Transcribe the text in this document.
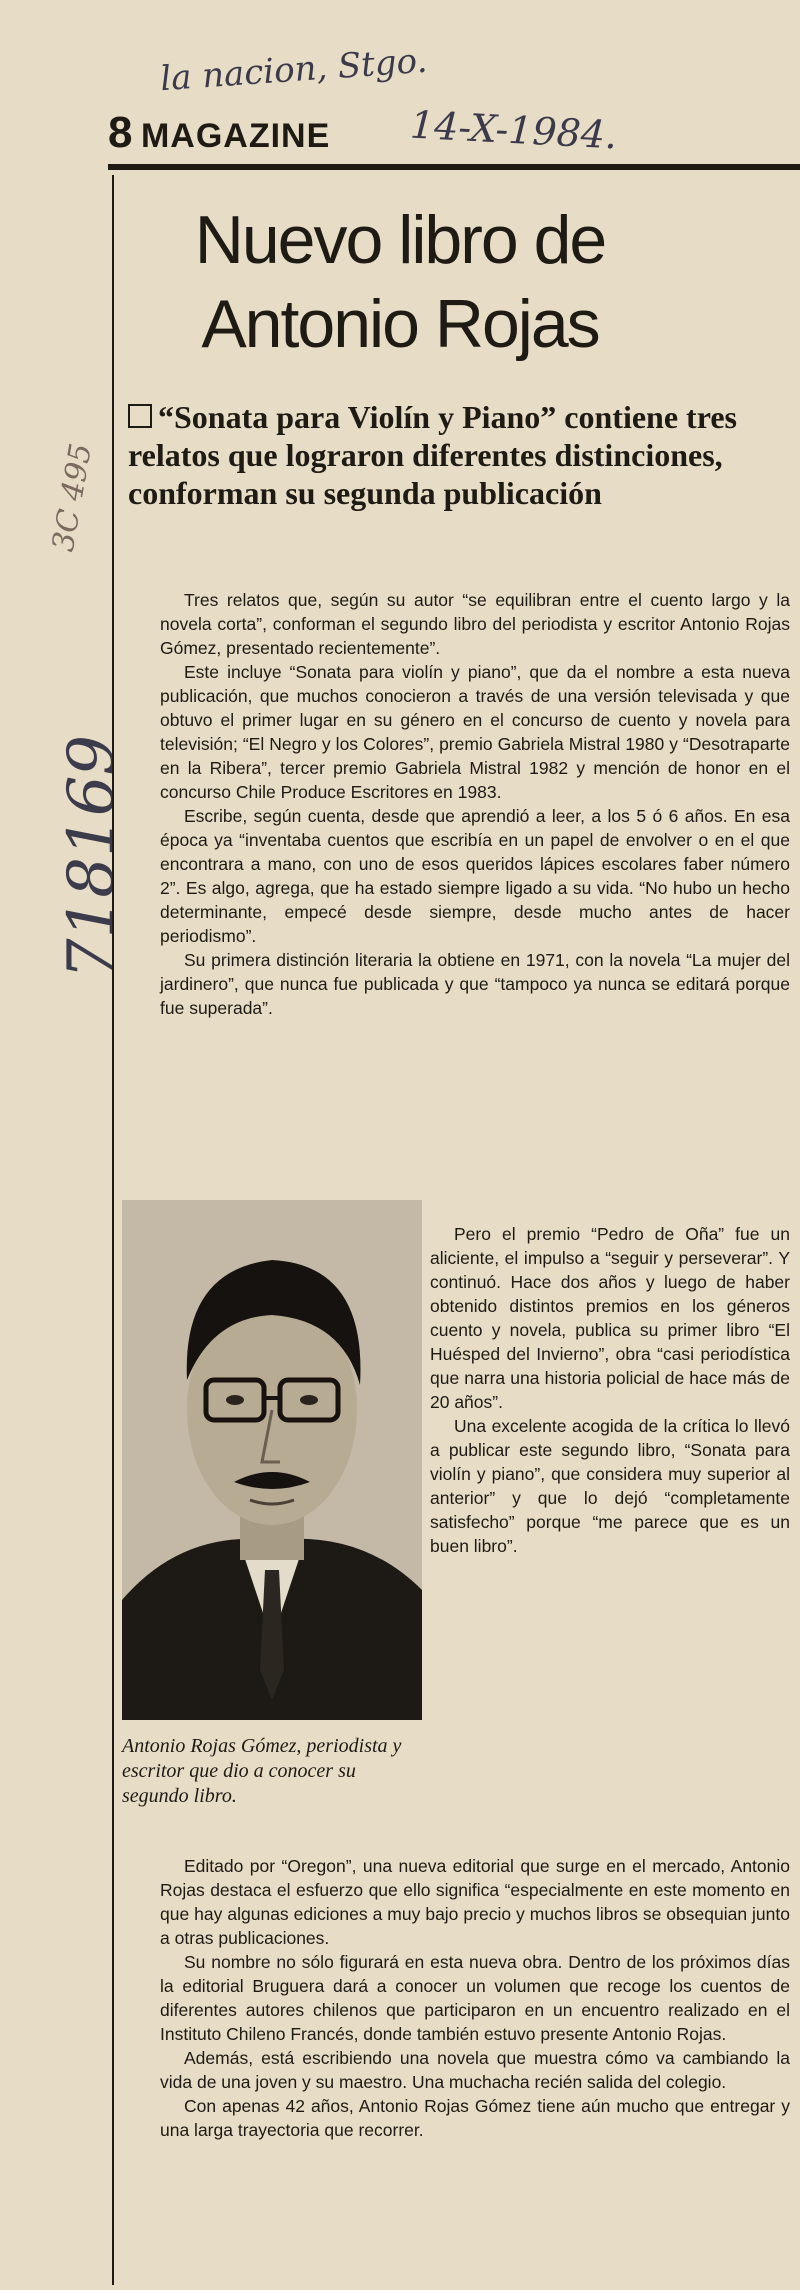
la nacion, Stgo.
14-X-1984.
3C 495
718169
8 MAGAZINE
Nuevo libro de Antonio Rojas

“Sonata para Violín y Piano” contiene tres relatos que lograron diferentes distinciones, conforman su segunda publicación

Tres relatos que, según su autor “se equilibran entre el cuento largo y la novela corta”, conforman el segundo libro del periodista y escritor Antonio Rojas Gómez, presentado recientemente”.

Este incluye “Sonata para violín y piano”, que da el nombre a esta nueva publicación, que muchos conocieron a través de una versión televisada y que obtuvo el primer lugar en su género en el concurso de cuento y novela para televisión; “El Negro y los Colores”, premio Gabriela Mistral 1980 y “Desotraparte en la Ribera”, tercer premio Gabriela Mistral 1982 y mención de honor en el concurso Chile Produce Escritores en 1983.

Escribe, según cuenta, desde que aprendió a leer, a los 5 ó 6 años. En esa época ya “inventaba cuentos que escribía en un papel de envolver o en el que encontrara a mano, con uno de esos queridos lápices escolares faber número 2”. Es algo, agrega, que ha estado siempre ligado a su vida. “No hubo un hecho determinante, empecé desde siempre, desde mucho antes de hacer periodismo”.

Su primera distinción literaria la obtiene en 1971, con la novela “La mujer del jardinero”, que nunca fue publicada y que “tampoco ya nunca se editará porque fue superada”.

Antonio Rojas Gómez, periodista y escritor que dio a conocer su segundo libro.

Pero el premio “Pedro de Oña” fue un aliciente, el impulso a “seguir y perseverar”. Y continuó. Hace dos años y luego de haber obtenido distintos premios en los géneros cuento y novela, publica su primer libro “El Huésped del Invierno”, obra “casi periodística que narra una historia policial de hace más de 20 años”.

Una excelente acogida de la crítica lo llevó a publicar este segundo libro, “Sonata para violín y piano”, que considera muy superior al anterior” y que lo dejó “completamente satisfecho” porque “me parece que es un buen libro”.

Editado por “Oregon”, una nueva editorial que surge en el mercado, Antonio Rojas destaca el esfuerzo que ello significa “especialmente en este momento en que hay algunas ediciones a muy bajo precio y muchos libros se obsequian junto a otras publicaciones.

Su nombre no sólo figurará en esta nueva obra. Dentro de los próximos días la editorial Bruguera dará a conocer un volumen que recoge los cuentos de diferentes autores chilenos que participaron en un encuentro realizado en el Instituto Chileno Francés, donde también estuvo presente Antonio Rojas.

Además, está escribiendo una novela que muestra cómo va cambiando la vida de una joven y su maestro. Una muchacha recién salida del colegio.

Con apenas 42 años, Antonio Rojas Gómez tiene aún mucho que entregar y una larga trayectoria que recorrer.
